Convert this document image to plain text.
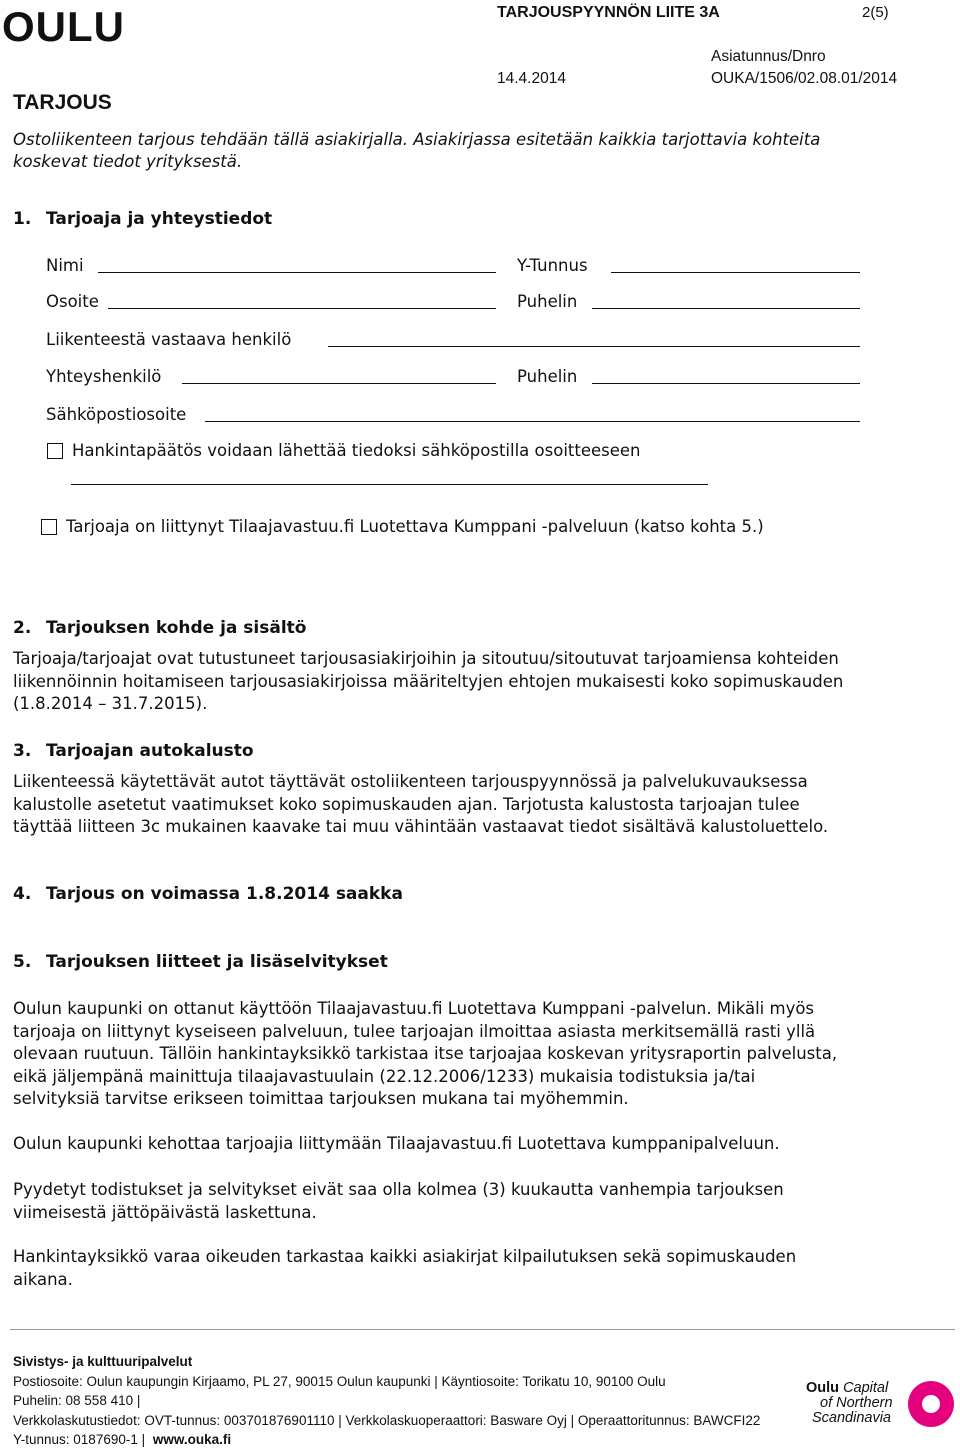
OULU	TARJOUSPYYNNÖN LIITE 3A	2(5)
Asiatunnus/Dnro
14.4.2014	OUKA/1506/02.08.01/2014
TARJOUS
Ostoliikenteen tarjous tehdään tällä asiakirjalla. Asiakirjassa esitetään kaikkia tarjottavia kohteita
koskevat tiedot yrityksestä.
1. Tarjoaja ja yhteystiedot
Nimi	Y-Tunnus
Osoite	Puhelin
Liikenteestä vastaava henkilö
Yhteyshenkilö	Puhelin
Sähköpostiosoite
Hankintapäätös voidaan lähettää tiedoksi sähköpostilla osoitteeseen
Tarjoaja on liittynyt Tilaajavastuu.fi Luotettava Kumppani -palveluun (katso kohta 5.)
2. Tarjouksen kohde ja sisältö

Tarjoaja/tarjoajat ovat tutustuneet tarjousasiakirjoihin ja sitoutuu/sitoutuvat tarjoamiensa kohteiden

liikennöinnin hoitamiseen tarjousasiakirjoissa määriteltyjen ehtojen mukaisesti koko sopimuskauden

(1.8.2014 – 31.7.2015).

3. Tarjoajan autokalusto

Liikenteessä käytettävät autot täyttävät ostoliikenteen tarjouspyynnössä ja palvelukuvauksessa

kalustolle asetetut vaatimukset koko sopimuskauden ajan. Tarjotusta kalustosta tarjoajan tulee

täyttää liitteen 3c mukainen kaavake tai muu vähintään vastaavat tiedot sisältävä kalustoluettelo.

4. Tarjous on voimassa 1.8.2014 saakka
5. Tarjouksen liitteet ja lisäselvitykset

Oulun kaupunki on ottanut käyttöön Tilaajavastuu.fi Luotettava Kumppani -palvelun. Mikäli myös

tarjoaja on liittynyt kyseiseen palveluun, tulee tarjoajan ilmoittaa asiasta merkitsemällä rasti yllä

olevaan ruutuun. Tällöin hankintayksikkö tarkistaa itse tarjoajaa koskevan yritysraportin palvelusta,

eikä jäljempänä mainittuja tilaajavastuulain (22.12.2006/1233) mukaisia todistuksia ja/tai

selvityksiä tarvitse erikseen toimittaa tarjouksen mukana tai myöhemmin.

Oulun kaupunki kehottaa tarjoajia liittymään Tilaajavastuu.fi Luotettava kumppanipalveluun.

Pyydetyt todistukset ja selvitykset eivät saa olla kolmea (3) kuukautta vanhempia tarjouksen

viimeisestä jättöpäivästä laskettuna.

Hankintayksikkö varaa oikeuden tarkastaa kaikki asiakirjat kilpailutuksen sekä sopimuskauden

aikana.

Sivistys- ja kulttuuripalvelut
Postiosoite: Oulun kaupungin Kirjaamo, PL 27, 90015 Oulun kaupunki | Käyntiosoite: Torikatu 10, 90100 Oulu
Puhelin: 08 558 410 |
Verkkolaskutustiedot: OVT-tunnus: 003701876901110 | Verkkolaskuoperaattori: Basware Oyj | Operaattoritunnus: BAWCFI22
Y-tunnus: 0187690-1 | www.ouka.fi
Oulu Capital
of Northern
Scandinavia
